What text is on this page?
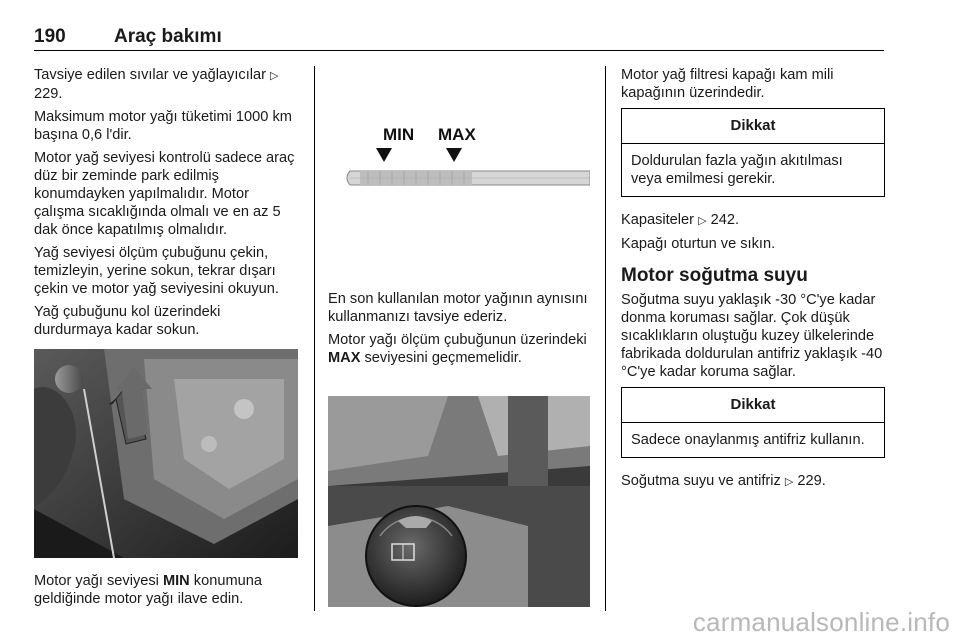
190	Araç bakımı

Tavsiye edilen sıvılar ve yağlayıcılar ▷ 229.

Maksimum motor yağı tüketimi 1000 km başına 0,6 l'dir.

Motor yağ seviyesi kontrolü sadece araç düz bir zeminde park edilmiş konumdayken yapılmalıdır. Motor çalışma sıcaklığında olmalı ve en az 5 dak önce kapatılmış olmalıdır.

Yağ seviyesi ölçüm çubuğunu çekin, temizleyin, yerine sokun, tekrar dışarı çekin ve motor yağ seviyesini okuyun.

Yağ çubuğunu kol üzerindeki durdurmaya kadar sokun.

Motor yağı seviyesi MIN konumuna geldiğinde motor yağı ilave edin.

MIN MAX

En son kullanılan motor yağının aynısını kullanmanızı tavsiye ederiz.

Motor yağı ölçüm çubuğunun üzerindeki MAX seviyesini geçmemelidir.

Motor yağ filtresi kapağı kam mili kapağının üzerindedir.

Dikkat
Doldurulan fazla yağın akıtılması veya emilmesi gerekir.

Kapasiteler ▷ 242.

Kapağı oturtun ve sıkın.

Motor soğutma suyu

Soğutma suyu yaklaşık -30 °C'ye kadar donma koruması sağlar. Çok düşük sıcaklıkların oluştuğu kuzey ülkelerinde fabrikada doldurulan antifriz yaklaşık -40 °C'ye kadar koruma sağlar.

Dikkat
Sadece onaylanmış antifriz kullanın.

Soğutma suyu ve antifriz ▷ 229.

carmanualsonline.info
